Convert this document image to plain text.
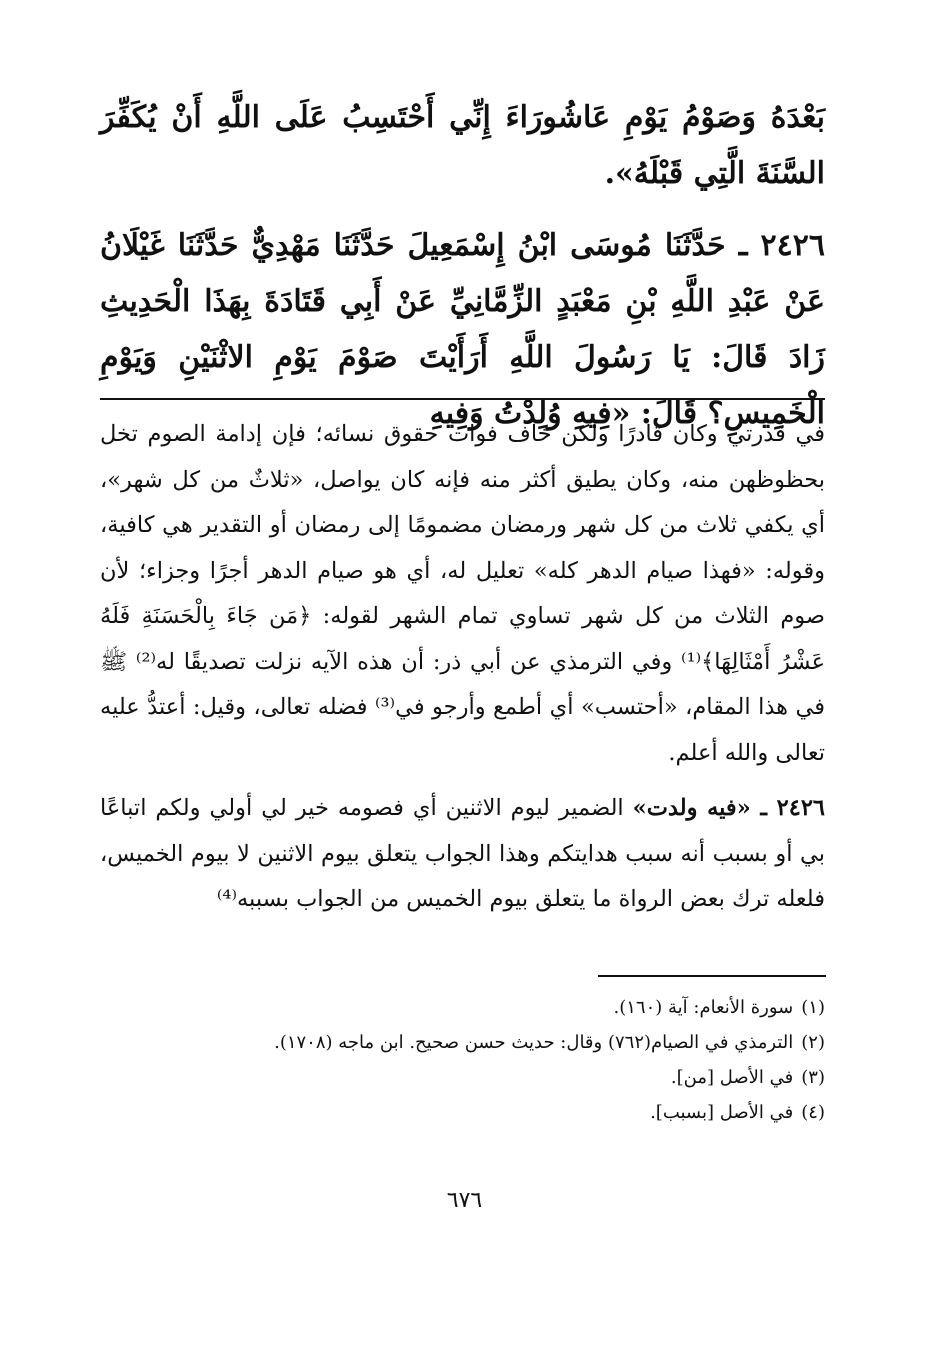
بَعْدَهُ وَصَوْمُ يَوْمِ عَاشُورَاءَ إِنِّي أَحْتَسِبُ عَلَى اللَّهِ أَنْ يُكَفِّرَ السَّنَةَ الَّتِي قَبْلَهُ».

٢٤٢٦ ـ حَدَّثَنَا مُوسَى ابْنُ إِسْمَعِيلَ حَدَّثَنَا مَهْدِيٌّ حَدَّثَنَا غَيْلَانُ عَنْ عَبْدِ اللَّهِ بْنِ مَعْبَدٍ الزِّمَّانِيِّ عَنْ أَبِي قَتَادَةَ بِهَذَا الْحَدِيثِ زَادَ قَالَ: يَا رَسُولَ اللَّهِ أَرَأَيْتَ صَوْمَ يَوْمِ الاثْنَيْنِ وَيَوْمِ الْخَمِيسِ؟ قَالَ: «فِيهِ وُلِدْتُ وَفِيهِ

في قدرتي وكان قادرًا ولكن خاف فوات حقوق نسائه؛ فإن إدامة الصوم تخل بحظوظهن منه، وكان يطيق أكثر منه فإنه كان يواصل، «ثلاثٌ من كل شهر»، أي يكفي ثلاث من كل شهر ورمضان مضمومًا إلى رمضان أو التقدير هي كافية، وقوله: «فهذا صيام الدهر كله» تعليل له، أي هو صيام الدهر أجرًا وجزاء؛ لأن صوم الثلاث من كل شهر تساوي تمام الشهر لقوله: ﴿مَن جَاءَ بِالْحَسَنَةِ فَلَهُ عَشْرُ أَمْثَالِهَا﴾⁽¹⁾ وفي الترمذي عن أبي ذر: أن هذه الآيه نزلت تصديقًا له⁽²⁾ ﷺ في هذا المقام، «أحتسب» أي أطمع وأرجو في⁽³⁾ فضله تعالى، وقيل: أعتدُّ عليه تعالى والله أعلم.

٢٤٢٦ ـ «فيه ولدت» الضمير ليوم الاثنين أي فصومه خير لي أولي ولكم اتباعًا بي أو بسبب أنه سبب هدايتكم وهذا الجواب يتعلق بيوم الاثنين لا بيوم الخميس، فلعله ترك بعض الرواة ما يتعلق بيوم الخميس من الجواب بسببه⁽⁴⁾

(١)
سورة الأنعام: آية (١٦٠).
(٢)
الترمذي في الصيام(٧٦٢) وقال: حديث حسن صحيح. ابن ماجه (١٧٠٨).
(٣)
في الأصل [من].
(٤)
في الأصل [بسبب].
٦٧٦
